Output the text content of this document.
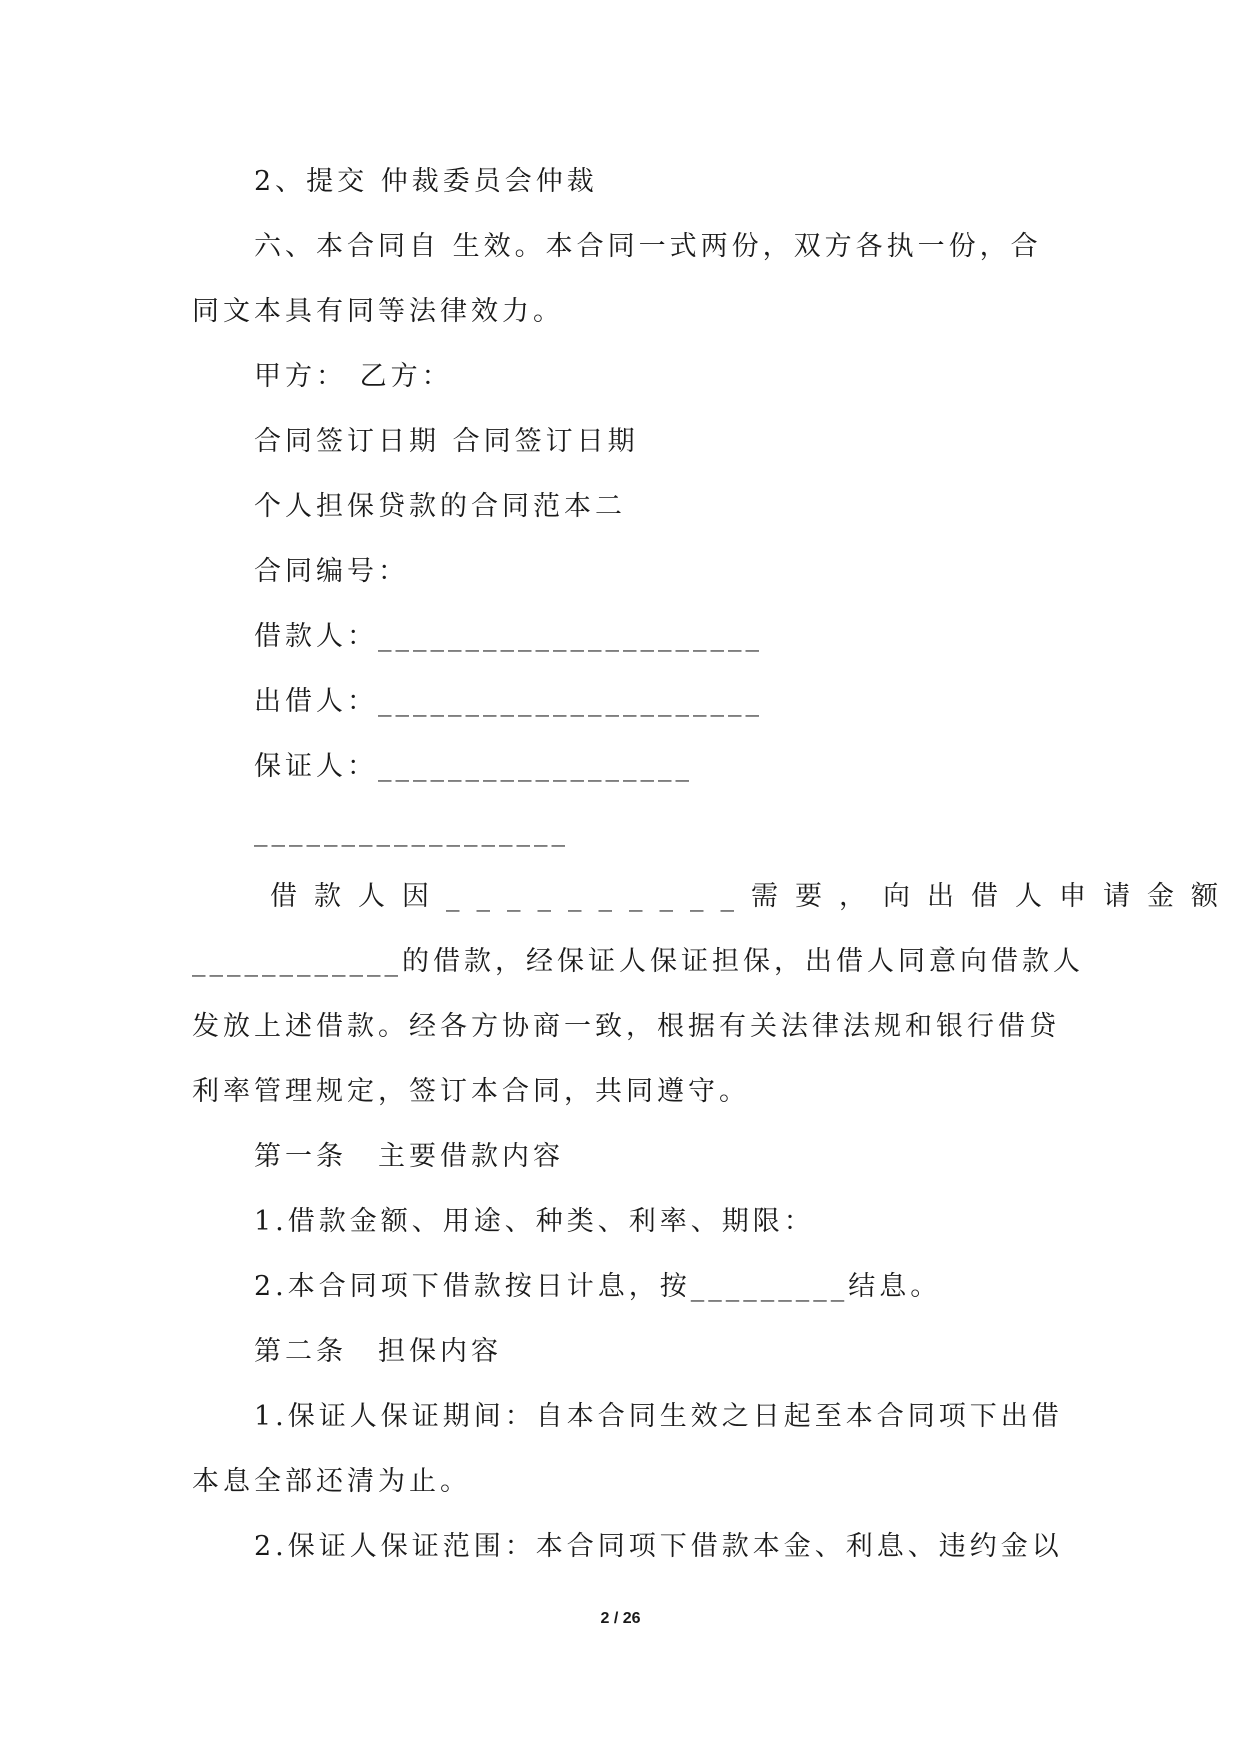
2、提交 仲裁委员会仲裁
六、本合同自 生效。本合同一式两份，双方各执一份，合
同文本具有同等法律效力。
甲方： 乙方：
合同签订日期 合同签订日期
个人担保贷款的合同范本二
合同编号：
借款人：______________________
出借人：______________________
保证人：__________________
__________________
借款人因__________需要，向出借人申请金额
____________的借款，经保证人保证担保，出借人同意向借款人
发放上述借款。经各方协商一致，根据有关法律法规和银行借贷
利率管理规定，签订本合同，共同遵守。
第一条　主要借款内容
1.借款金额、用途、种类、利率、期限：
2.本合同项下借款按日计息，按_________结息。
第二条　担保内容
1.保证人保证期间：自本合同生效之日起至本合同项下出借
本息全部还清为止。
2.保证人保证范围：本合同项下借款本金、利息、违约金以
2 / 26
